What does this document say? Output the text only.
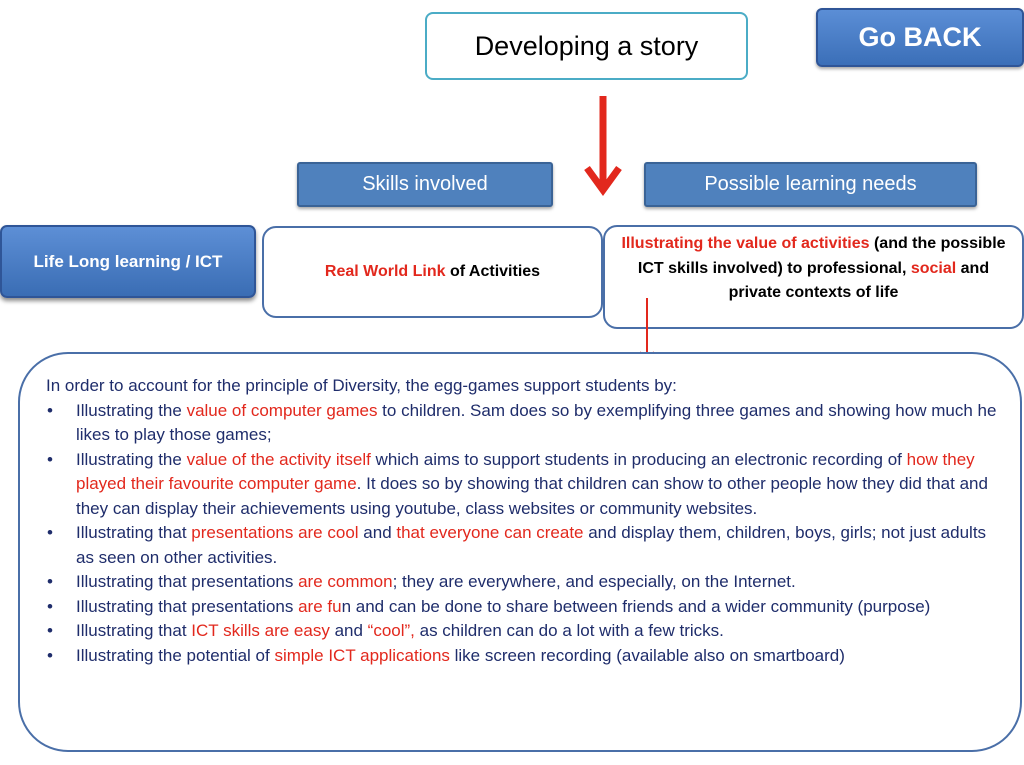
Developing a story	Go BACK
Skills involved	Possible learning needs
Life Long learning / ICT
Real World Link of Activities
Illustrating the value of activities (and the possible ICT skills involved) to professional, social and private contexts of life

In order to account for the principle of Diversity, the egg-games support students by:

• Illustrating the value of computer games to children. Sam does so by exemplifying three games and showing how much he likes to play those games;
• Illustrating the value of the activity itself which aims to support students in producing an electronic recording of how they played their favourite computer game. It does so by showing that children can show to other people how they did that and they can display their achievements using youtube, class websites or community websites.
• Illustrating that presentations are cool and that everyone can create and display them, children, boys, girls; not just adults as seen on other activities.
• Illustrating that presentations are common; they are everywhere, and especially, on the Internet.
• Illustrating that presentations are fun and can be done to share between friends and a wider community (purpose)
• Illustrating that ICT skills are easy and “cool”, as children can do a lot with a few tricks.
• Illustrating the potential of simple ICT applications like screen recording (available also on smartboard)
